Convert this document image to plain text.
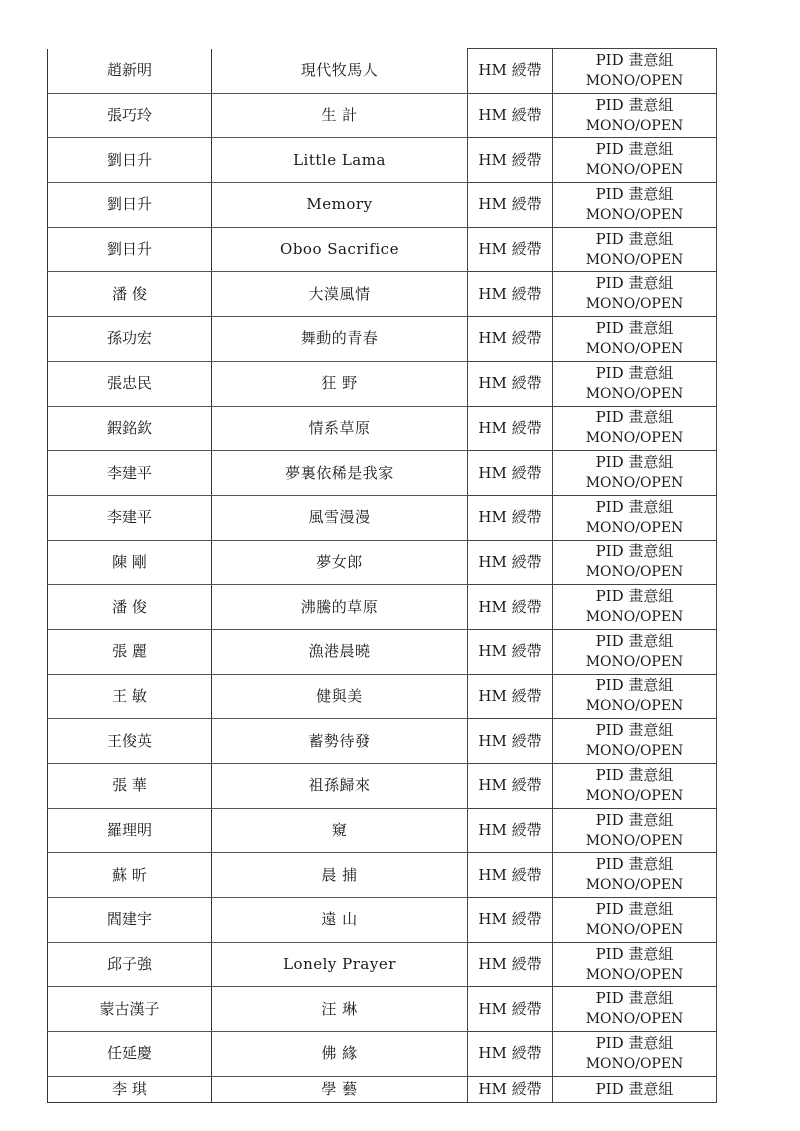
趙新明	現代牧馬人	HM 綬帶	PID 畫意組
MONO/OPEN

張巧玲	生 計	HM 綬帶	PID 畫意組
MONO/OPEN

劉日升	Little Lama	HM 綬帶	PID 畫意組
MONO/OPEN

劉日升	Memory	HM 綬帶	PID 畫意組
MONO/OPEN

劉日升	Oboo Sacrifice	HM 綬帶	PID 畫意組
MONO/OPEN

潘 俊	大漠風情	HM 綬帶	PID 畫意組
MONO/OPEN

孫功宏	舞動的青春	HM 綬帶	PID 畫意組
MONO/OPEN

張忠民	狂 野	HM 綬帶	PID 畫意組
MONO/OPEN

鍜銘欽	情系草原	HM 綬帶	PID 畫意組
MONO/OPEN

李建平	夢裏依稀是我家	HM 綬帶	PID 畫意組
MONO/OPEN

李建平	風雪漫漫	HM 綬帶	PID 畫意組
MONO/OPEN

陳 剛	夢女郎	HM 綬帶	PID 畫意組
MONO/OPEN

潘 俊	沸騰的草原	HM 綬帶	PID 畫意組
MONO/OPEN

張 麗	漁港晨曉	HM 綬帶	PID 畫意組
MONO/OPEN

王 敏	健與美	HM 綬帶	PID 畫意組
MONO/OPEN

王俊英	蓄勢待發	HM 綬帶	PID 畫意組
MONO/OPEN

張 華	祖孫歸來	HM 綬帶	PID 畫意組
MONO/OPEN

羅理明	窺	HM 綬帶	PID 畫意組
MONO/OPEN

蘇 昕	晨 捕	HM 綬帶	PID 畫意組
MONO/OPEN

閻建宇	遠 山	HM 綬帶	PID 畫意組
MONO/OPEN

邱子強	Lonely Prayer	HM 綬帶	PID 畫意組
MONO/OPEN

蒙古漢子	汪 琳	HM 綬帶	PID 畫意組
MONO/OPEN

任延慶	佛 緣	HM 綬帶	PID 畫意組
MONO/OPEN

李 琪	學 藝	HM 綬帶	PID 畫意組
